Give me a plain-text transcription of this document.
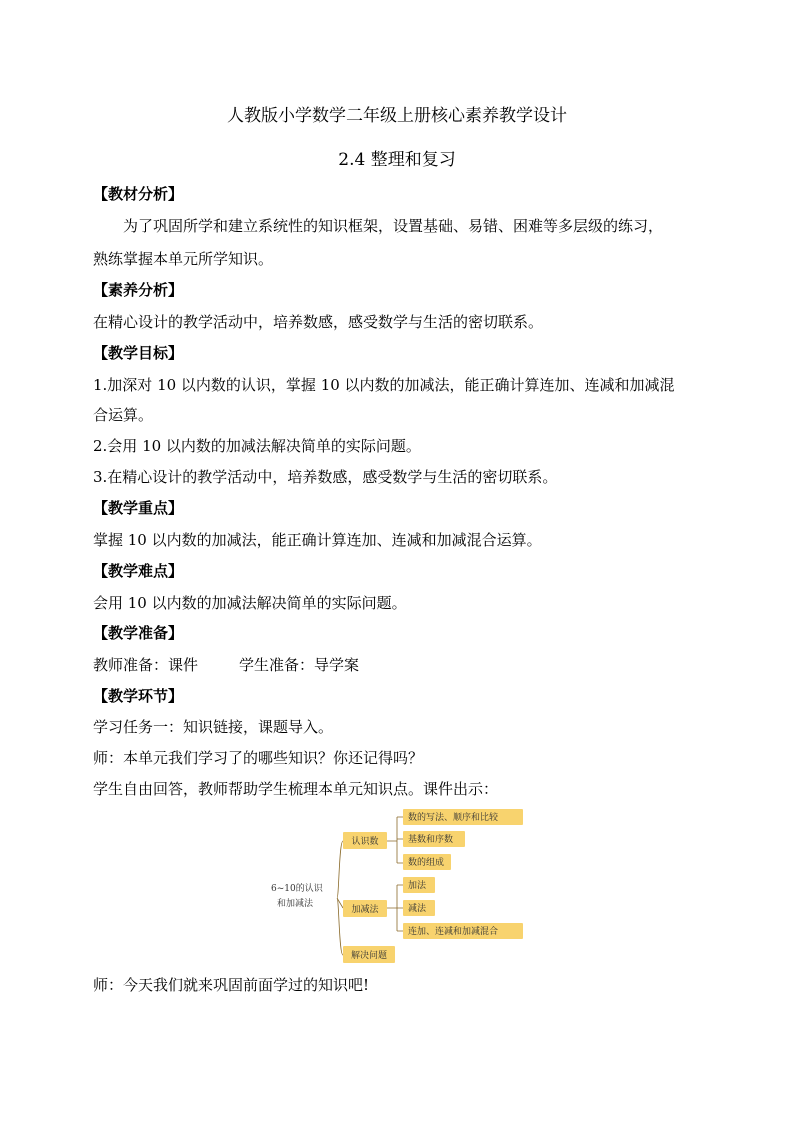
人教版小学数学二年级上册核心素养教学设计
2.4 整理和复习
【教材分析】
为了巩固所学和建立系统性的知识框架，设置基础、易错、困难等多层级的练习，
熟练掌握本单元所学知识。
【素养分析】
在精心设计的教学活动中，培养数感，感受数学与生活的密切联系。
【教学目标】
1.加深对 10 以内数的认识，掌握 10 以内数的加减法，能正确计算连加、连减和加减混
合运算。
2.会用 10 以内数的加减法解决简单的实际问题。
3.在精心设计的教学活动中，培养数感，感受数学与生活的密切联系。
【教学重点】
掌握 10 以内数的加减法，能正确计算连加、连减和加减混合运算。
【教学难点】
会用 10 以内数的加减法解决简单的实际问题。
【教学准备】
教师准备：课件	学生准备：导学案
【教学环节】
学习任务一：知识链接，课题导入。
师：本单元我们学习了的哪些知识？你还记得吗？
学生自由回答，教师帮助学生梳理本单元知识点。课件出示：
6~10的认识
和加减法
认识数
数的写法、顺序和比较
基数和序数
数的组成
加减法
加法
减法
连加、连减和加减混合
解决问题
师：今天我们就来巩固前面学过的知识吧!
